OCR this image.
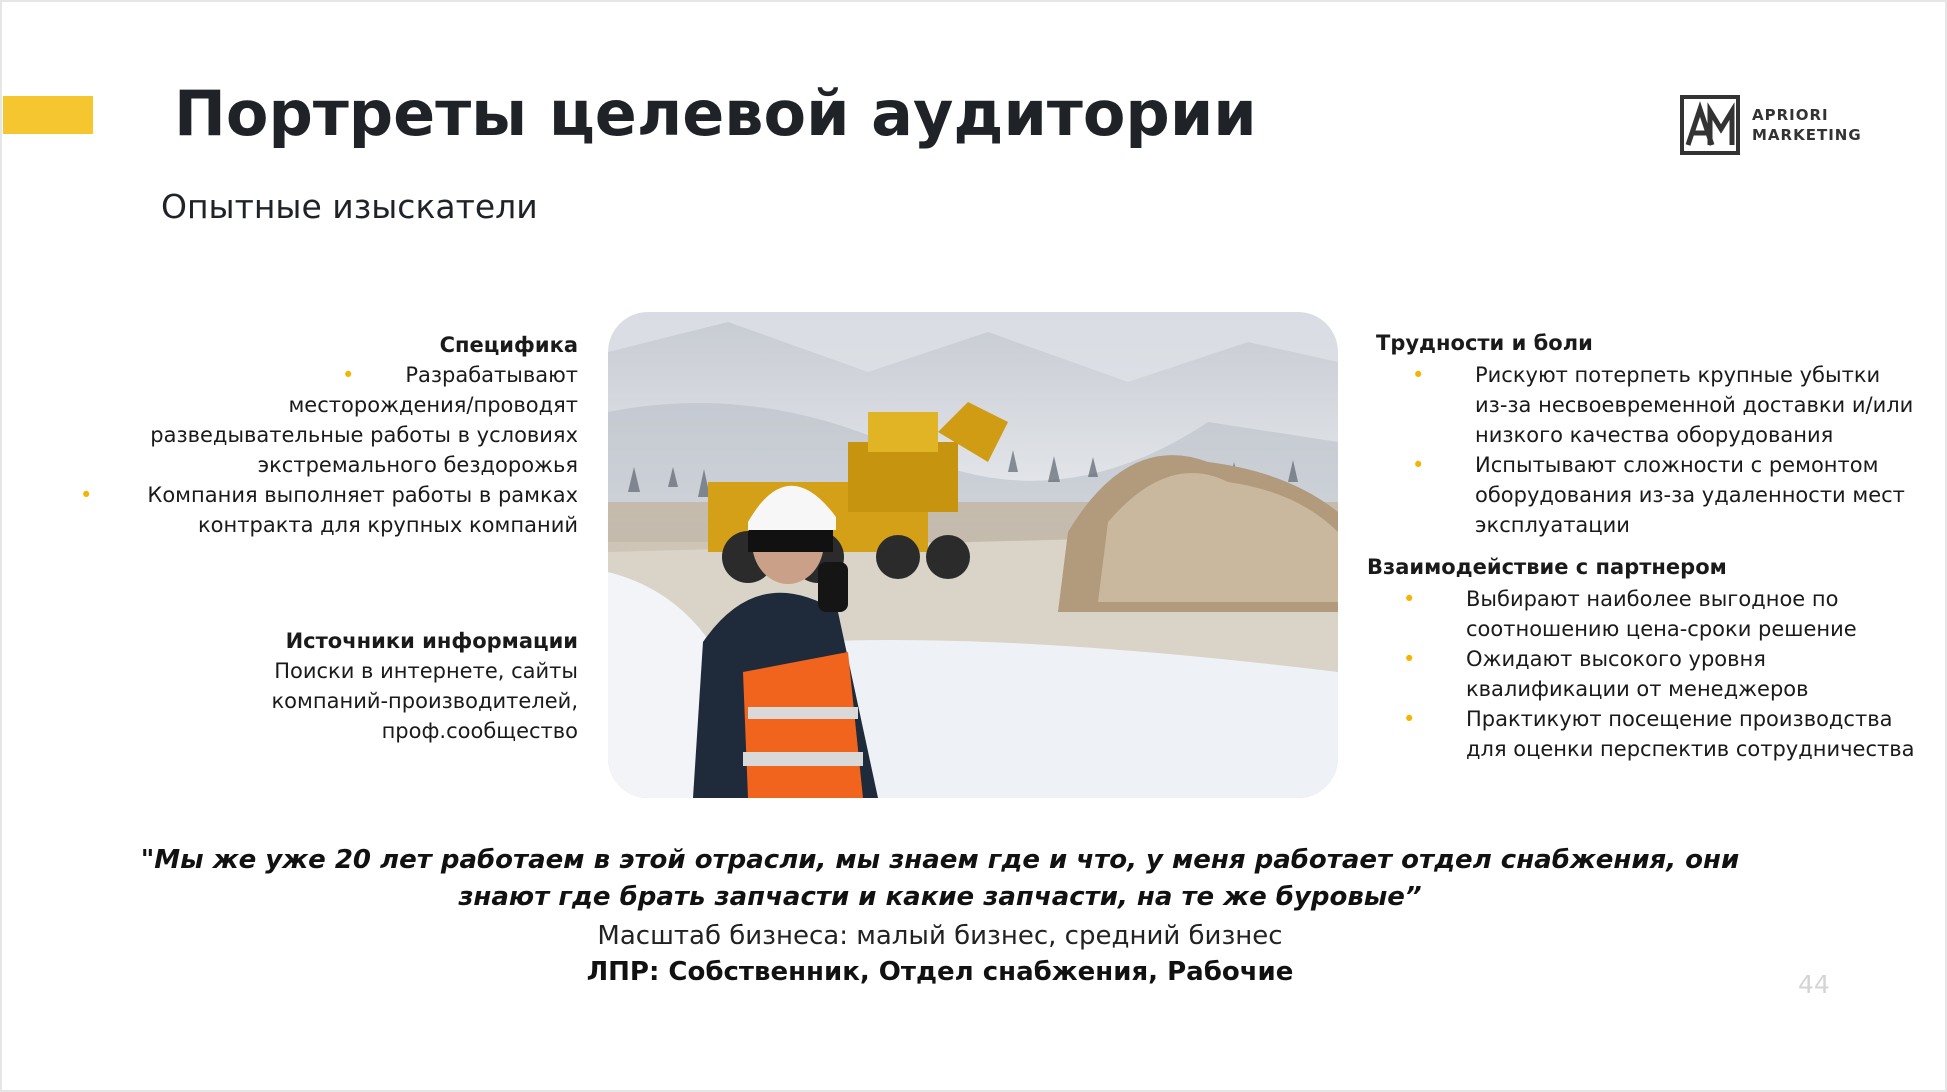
Портреты целевой аудитории
Опытные изыскатели
APRIORI
MARKETING
Специфика
• Разрабатывают
месторождения/проводят
разведывательные работы в условиях
экстремального бездорожья
• Компания выполняет работы в рамках
контракта для крупных компаний
Источники информации
Поиски в интернете, сайты
компаний-производителей,
проф.сообщество
Трудности и боли
• Рискуют потерпеть крупные убытки
из-за несвоевременной доставки и/или
низкого качества оборудования
• Испытывают сложности с ремонтом
оборудования из-за удаленности мест
эксплуатации
Взаимодействие с партнером
• Выбирают наиболее выгодное по
соотношению цена-сроки решение
• Ожидают высокого уровня
квалификации от менеджеров
• Практикуют посещение производства
для оценки перспектив сотрудничества
"Мы же уже 20 лет работаем в этой отрасли, мы знаем где и что, у меня работает отдел снабжения, они
знают где брать запчасти и какие запчасти, на те же буровые”
Масштаб бизнеса: малый бизнес, средний бизнес
ЛПР: Собственник, Отдел снабжения, Рабочие	44
